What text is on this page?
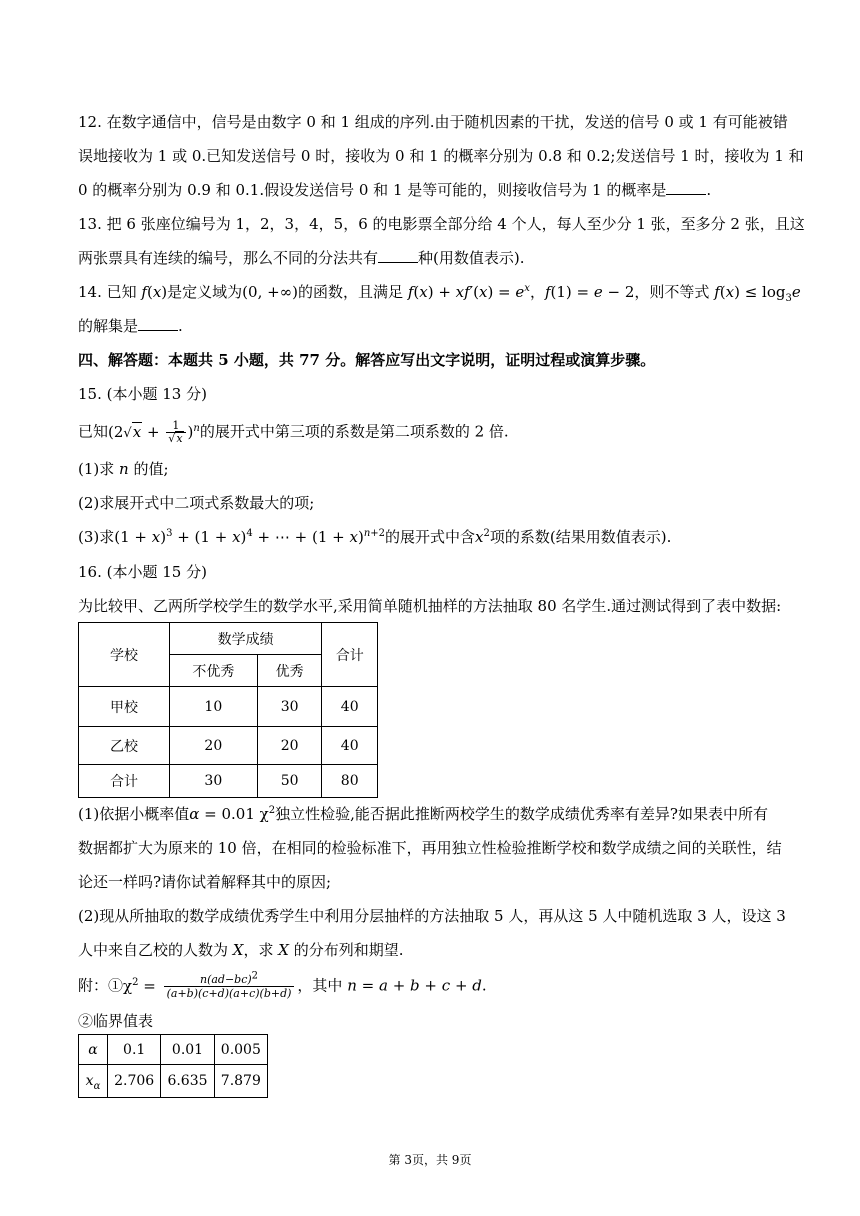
12. 在数字通信中，信号是由数字 0 和 1 组成的序列.由于随机因素的干扰，发送的信号 0 或 1 有可能被错
误地接收为 1 或 0.已知发送信号 0 时，接收为 0 和 1 的概率分别为 0.8 和 0.2;发送信号 1 时，接收为 1 和
0 的概率分别为 0.9 和 0.1.假设发送信号 0 和 1 是等可能的，则接收信号为 1 的概率是	.
13. 把 6 张座位编号为 1，2，3，4，5，6 的电影票全部分给 4 个人，每人至少分 1 张，至多分 2 张，且这
两张票具有连续的编号，那么不同的分法共有	种(用数值表示).
14. 已知 f(x)是定义域为(0, +∞)的函数，且满足 $f(x) + xf'(x) = e^x$，f(1) = e − 2，则不等式 $f(x) \le \log_3e$
的解集是	.
四、解答题：本题共 5 小题，共 77 分。解答应写出文字说明，证明过程或演算步骤。
15. (本小题 13 分)
已知$(2√x + \frac{1}{√x} )^n$的展开式中第三项的系数是第二项系数的 2 倍.
(1)求 n 的值;
(2)求展开式中二项式系数最大的项;
(3)求$(1 + x)^3 + (1 + x)^4$ + ⋯ + $(1 + x)^{n+2}$的展开式中含$x^2$项的系数(结果用数值表示).
16. (本小题 15 分)
为比较甲、乙两所学校学生的数学水平,采用简单随机抽样的方法抽取 80 名学生.通过测试得到了表中数据:
学校	数学成绩		合计
	不优秀	优秀	
甲校	10	30	40
乙校	20	20	40
合计	30	50	80
(1)依据小概率值α = 0.01 $\chi^2$独立性检验,能否据此推断两校学生的数学成绩优秀率有差异?如果表中所有
数据都扩大为原来的 10 倍，在相同的检验标准下，再用独立性检验推断学校和数学成绩之间的关联性，结
论还一样吗?请你试着解释其中的原因;
(2)现从所抽取的数学成绩优秀学生中利用分层抽样的方法抽取 5 人，再从这 5 人中随机选取 3 人，设这 3
人中来自乙校的人数为 X，求 X 的分布列和期望.
附：$①\chi^2 = \frac{n(ad-bc)^2}{(a+b)(c+d)(a+c)(b+d)}$ ，其中 n = a + b + c + d.
②临界值表
α	0.1	0.01	0.005
$x_\alpha$	2.706	6.635	7.879
第 3页，共 9页
